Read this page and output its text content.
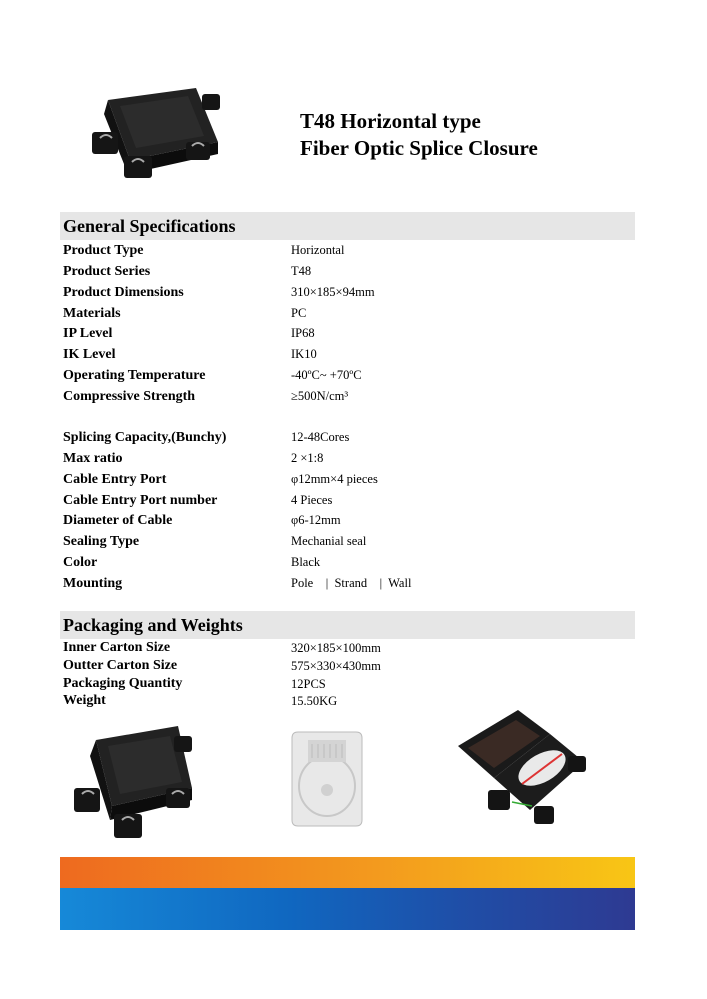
T48 Horizontal type
Fiber Optic Splice Closure
General Specifications
Product Type	Horizontal
Product Series	T48
Product Dimensions	310×185×94mm
Materials	PC
IP Level	IP68
IK Level	IK10
Operating Temperature	-40ºC~ +70ºC
Compressive Strength	≥500N/cm³
Splicing Capacity,(Bunchy)	12-48Cores
Max ratio	2 ×1:8
Cable Entry Port	φ12mm×4 pieces
Cable Entry Port number	4 Pieces
Diameter of Cable	φ6-12mm
Sealing Type	Mechanial seal
Color	Black
Mounting	Pole    |  Strand    |  Wall
Packaging and Weights
Inner Carton Size	320×185×100mm
Outter Carton Size	575×330×430mm
Packaging Quantity	12PCS
Weight	15.50KG
